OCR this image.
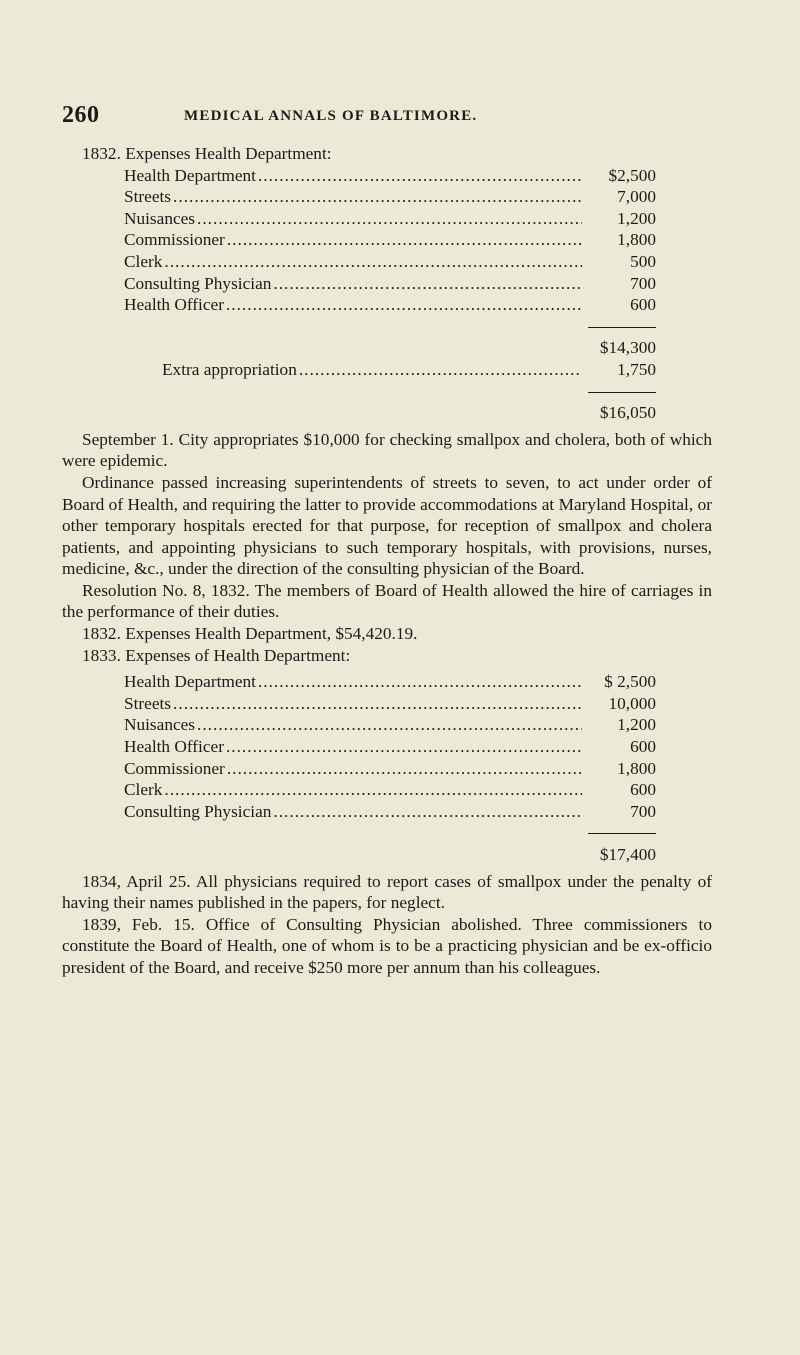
260	MEDICAL ANNALS OF BALTIMORE.

1832. Expenses Health Department:

Health Department .....	$2,500
Streets .....	7,000
Nuisances .....	1,200
Commissioner .....	1,800
Clerk .....	500
Consulting Physician .....	700
Health Officer .....	600
$14,300
Extra appropriation .....	1,750
$16,050

September 1. City appropriates $10,000 for checking smallpox and cholera, both of which were epidemic.

Ordinance passed increasing superintendents of streets to seven, to act under order of Board of Health, and requiring the latter to provide accommodations at Maryland Hospital, or other temporary hospitals erected for that purpose, for reception of smallpox and cholera patients, and appointing physicians to such temporary hospitals, with provisions, nurses, medicine, &c., under the direction of the consulting physician of the Board.

Resolution No. 8, 1832. The members of Board of Health allowed the hire of carriages in the performance of their duties.

1832. Expenses Health Department, $54,420.19.

1833. Expenses of Health Department:

Health Department .....	$ 2,500
Streets .....	10,000
Nuisances .....	1,200
Health Officer .....	600
Commissioner .....	1,800
Clerk .....	600
Consulting Physician .....	700
$17,400

1834, April 25. All physicians required to report cases of smallpox under the penalty of having their names published in the papers, for neglect.

1839, Feb. 15. Office of Consulting Physician abolished. Three commissioners to constitute the Board of Health, one of whom is to be a practicing physician and be ex-officio president of the Board, and receive $250 more per annum than his colleagues.
